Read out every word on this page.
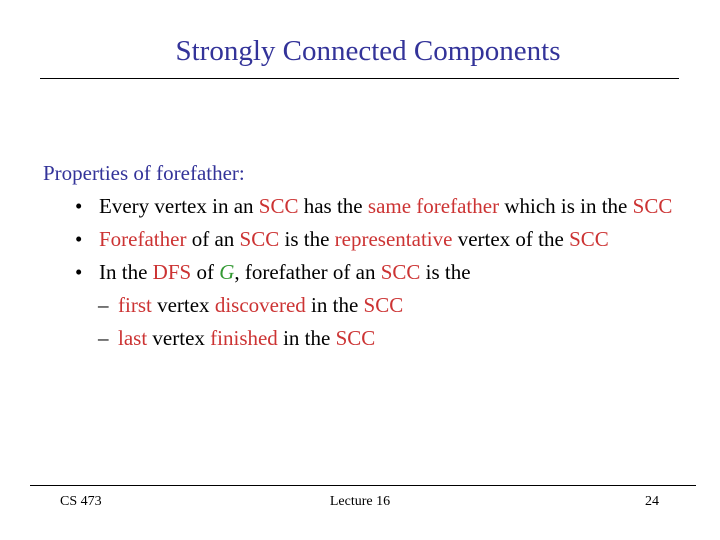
Strongly Connected Components
Properties of forefather:
• Every vertex in an SCC has the same forefather which is in the SCC
• Forefather of an SCC is the representative vertex of the SCC
• In the DFS of G, forefather of an SCC is the
– first vertex discovered in the SCC
– last vertex finished in the SCC
CS 473	Lecture 16	24
